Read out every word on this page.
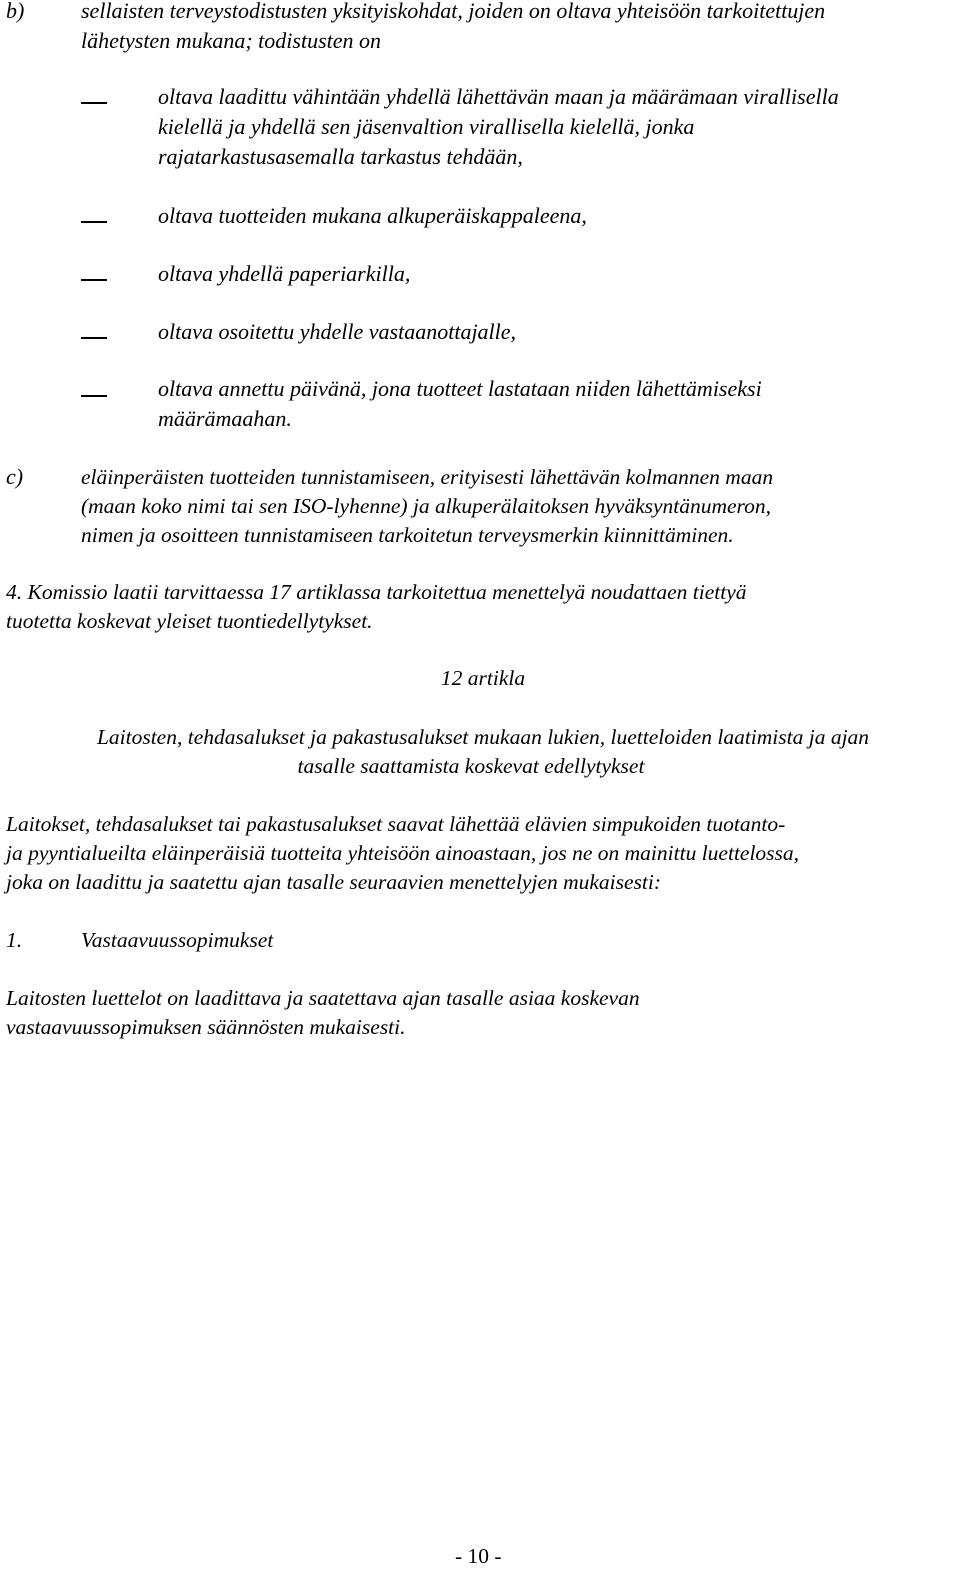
b)	sellaisten terveystodistusten yksityiskohdat, joiden on oltava yhteisöön tarkoitettujen
lähetysten mukana; todistusten on
oltava laadittu vähintään yhdellä lähettävän maan ja määrämaan virallisella
kielellä ja yhdellä sen jäsenvaltion virallisella kielellä, jonka
rajatarkastusasemalla tarkastus tehdään,
oltava tuotteiden mukana alkuperäiskappaleena,
oltava yhdellä paperiarkilla,
oltava osoitettu yhdelle vastaanottajalle,
oltava annettu päivänä, jona tuotteet lastataan niiden lähettämiseksi
määrämaahan.
c)	eläinperäisten tuotteiden tunnistamiseen, erityisesti lähettävän kolmannen maan
(maan koko nimi tai sen ISO-lyhenne) ja alkuperälaitoksen hyväksyntänumeron,
nimen ja osoitteen tunnistamiseen tarkoitetun terveysmerkin kiinnittäminen.
4. Komissio laatii tarvittaessa 17 artiklassa tarkoitettua menettelyä noudattaen tiettyä
tuotetta koskevat yleiset tuontiedellytykset.
12 artikla
Laitosten, tehdasalukset ja pakastusalukset mukaan lukien, luetteloiden laatimista ja ajan
tasalle saattamista koskevat edellytykset
Laitokset, tehdasalukset tai pakastusalukset saavat lähettää elävien simpukoiden tuotanto-
ja pyyntialueilta eläinperäisiä tuotteita yhteisöön ainoastaan, jos ne on mainittu luettelossa,
joka on laadittu ja saatettu ajan tasalle seuraavien menettelyjen mukaisesti:
1.	Vastaavuussopimukset
Laitosten luettelot on laadittava ja saatettava ajan tasalle asiaa koskevan
vastaavuussopimuksen säännösten mukaisesti.
- 10 -
